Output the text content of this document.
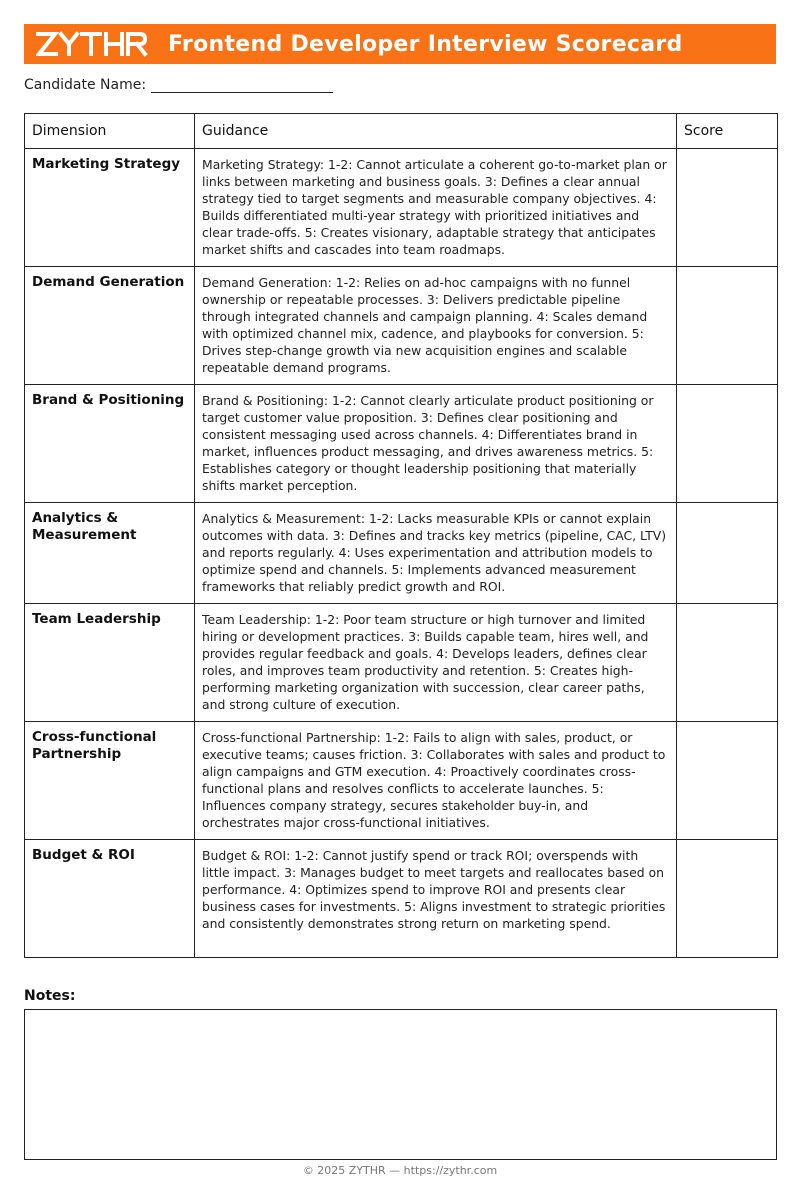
Frontend Developer Interview Scorecard
Candidate Name:
Dimension	Guidance	Score
Marketing Strategy	Marketing Strategy: 1-2: Cannot articulate a coherent go-to-market plan or links between marketing and business goals. 3: Defines a clear annual strategy tied to target segments and measurable company objectives. 4: Builds differentiated multi-year strategy with prioritized initiatives and clear trade-offs. 5: Creates visionary, adaptable strategy that anticipates market shifts and cascades into team roadmaps.	
Demand Generation	Demand Generation: 1-2: Relies on ad-hoc campaigns with no funnel ownership or repeatable processes. 3: Delivers predictable pipeline through integrated channels and campaign planning. 4: Scales demand with optimized channel mix, cadence, and playbooks for conversion. 5: Drives step-change growth via new acquisition engines and scalable repeatable demand programs.	
Brand & Positioning	Brand & Positioning: 1-2: Cannot clearly articulate product positioning or target customer value proposition. 3: Defines clear positioning and consistent messaging used across channels. 4: Differentiates brand in market, influences product messaging, and drives awareness metrics. 5: Establishes category or thought leadership positioning that materially shifts market perception.	
Analytics & Measurement	Analytics & Measurement: 1-2: Lacks measurable KPIs or cannot explain outcomes with data. 3: Defines and tracks key metrics (pipeline, CAC, LTV) and reports regularly. 4: Uses experimentation and attribution models to optimize spend and channels. 5: Implements advanced measurement frameworks that reliably predict growth and ROI.	
Team Leadership	Team Leadership: 1-2: Poor team structure or high turnover and limited hiring or development practices. 3: Builds capable team, hires well, and provides regular feedback and goals. 4: Develops leaders, defines clear roles, and improves team productivity and retention. 5: Creates high-performing marketing organization with succession, clear career paths, and strong culture of execution.	
Cross-functional Partnership	Cross-functional Partnership: 1-2: Fails to align with sales, product, or executive teams; causes friction. 3: Collaborates with sales and product to align campaigns and GTM execution. 4: Proactively coordinates cross-functional plans and resolves conflicts to accelerate launches. 5: Influences company strategy, secures stakeholder buy-in, and orchestrates major cross-functional initiatives.	
Budget & ROI	Budget & ROI: 1-2: Cannot justify spend or track ROI; overspends with little impact. 3: Manages budget to meet targets and reallocates based on performance. 4: Optimizes spend to improve ROI and presents clear business cases for investments. 5: Aligns investment to strategic priorities and consistently demonstrates strong return on marketing spend.	
Notes:
© 2025 ZYTHR — https://zythr.com
